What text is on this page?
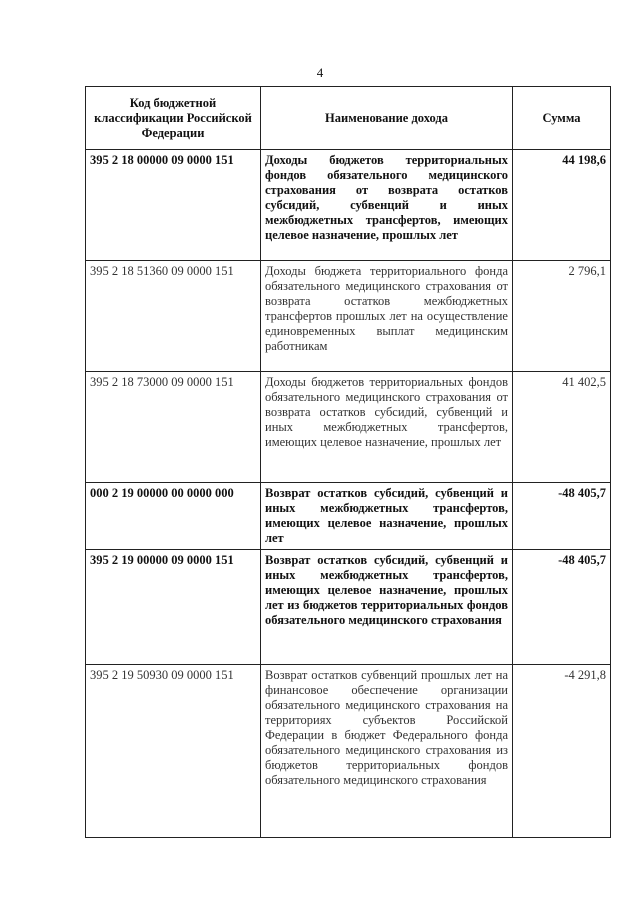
4
Код бюджетной классификации Российской Федерации	Наименование дохода	Сумма
395 2 18 00000 09 0000 151	Доходы бюджетов территориальных фондов обязательного медицинского страхования от возврата остатков субсидий, субвенций и иных межбюджетных трансфертов, имеющих целевое назначение, прошлых лет	44 198,6
395 2 18 51360 09 0000 151	Доходы бюджета территориального фонда обязательного медицинского страхования от возврата остатков межбюджетных трансфертов прошлых лет на осуществление единовременных выплат медицинским работникам	2 796,1
395 2 18 73000 09 0000 151	Доходы бюджетов территориальных фондов обязательного медицинского страхования от возврата остатков субсидий, субвенций и иных межбюджетных трансфертов, имеющих целевое назначение, прошлых лет	41 402,5
000 2 19 00000 00 0000 000	Возврат остатков субсидий, субвенций и иных межбюджетных трансфертов, имеющих целевое назначение, прошлых лет	-48 405,7
395 2 19 00000 09 0000 151	Возврат остатков субсидий, субвенций и иных межбюджетных трансфертов, имеющих целевое назначение, прошлых лет из бюджетов территориальных фондов обязательного медицинского страхования	-48 405,7
395 2 19 50930 09 0000 151	Возврат остатков субвенций прошлых лет на финансовое обеспечение организации обязательного медицинского страхования на территориях субъектов Российской Федерации в бюджет Федерального фонда обязательного медицинского страхования из бюджетов территориальных фондов обязательного медицинского страхования	-4 291,8
